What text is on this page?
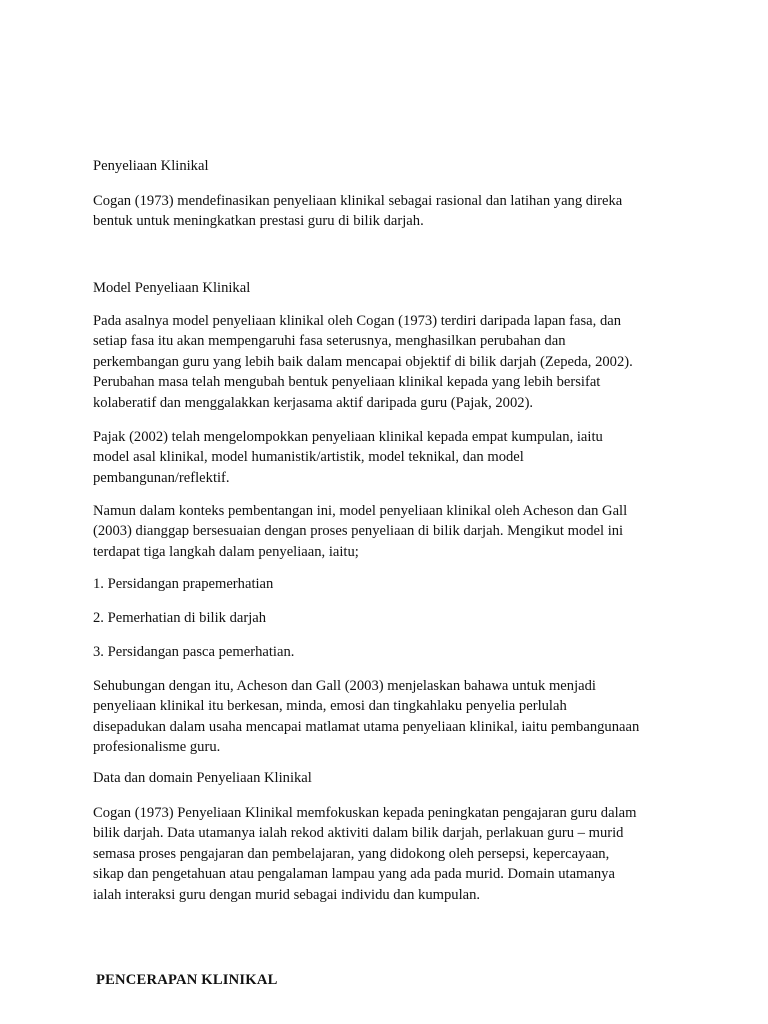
Penyeliaan Klinikal

Cogan (1973) mendefinasikan penyeliaan klinikal sebagai rasional dan latihan yang direka
bentuk untuk meningkatkan prestasi guru di bilik darjah.

Model Penyeliaan Klinikal

Pada asalnya model penyeliaan klinikal oleh Cogan (1973) terdiri daripada lapan fasa, dan
setiap fasa itu akan mempengaruhi fasa seterusnya, menghasilkan perubahan dan
perkembangan guru yang lebih baik dalam mencapai objektif di bilik darjah (Zepeda, 2002).
Perubahan masa telah mengubah bentuk penyeliaan klinikal kepada yang lebih bersifat
kolaberatif dan menggalakkan kerjasama aktif daripada guru (Pajak, 2002).

Pajak (2002) telah mengelompokkan penyeliaan klinikal kepada empat kumpulan, iaitu
model asal klinikal, model humanistik/artistik, model teknikal, dan model
pembangunan/reflektif.

Namun dalam konteks pembentangan ini, model penyeliaan klinikal oleh Acheson dan Gall
(2003) dianggap bersesuaian dengan proses penyeliaan di bilik darjah. Mengikut model ini
terdapat tiga langkah dalam penyeliaan, iaitu;

1. Persidangan prapemerhatian

2. Pemerhatian di bilik darjah

3. Persidangan pasca pemerhatian.

Sehubungan dengan itu, Acheson dan Gall (2003) menjelaskan bahawa untuk menjadi
penyeliaan klinikal itu berkesan, minda, emosi dan tingkahlaku penyelia perlulah
disepadukan dalam usaha mencapai matlamat utama penyeliaan klinikal, iaitu pembangunaan
profesionalisme guru.

Data dan domain Penyeliaan Klinikal

Cogan (1973) Penyeliaan Klinikal memfokuskan kepada peningkatan pengajaran guru dalam
bilik darjah. Data utamanya ialah rekod aktiviti dalam bilik darjah, perlakuan guru – murid
semasa proses pengajaran dan pembelajaran, yang didokong oleh persepsi, kepercayaan,
sikap dan pengetahuan atau pengalaman lampau yang ada pada murid. Domain utamanya
ialah interaksi guru dengan murid sebagai individu dan kumpulan.

PENCERAPAN KLINIKAL
